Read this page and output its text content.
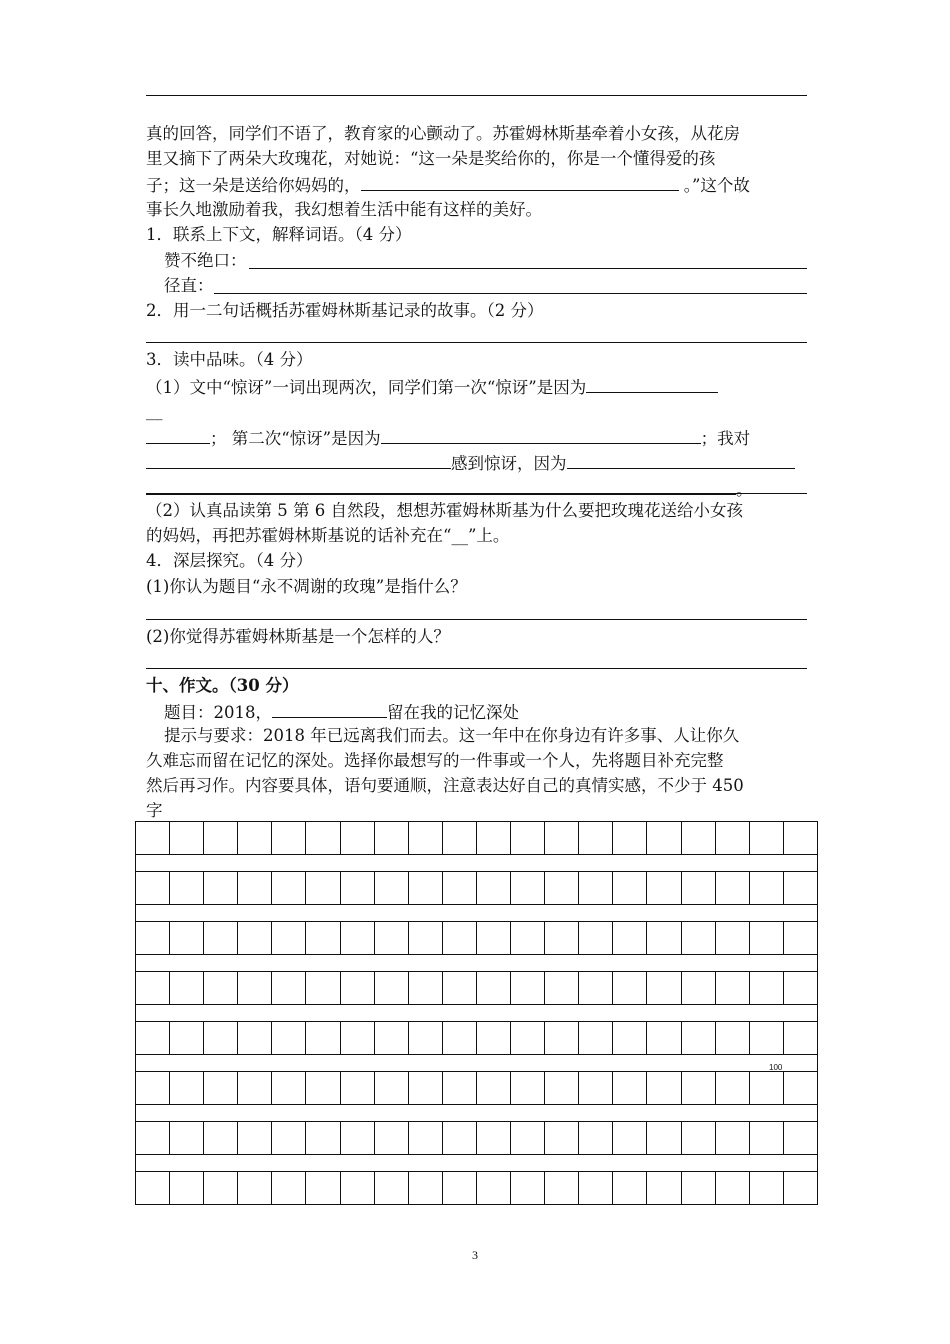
真的回答，同学们不语了，教育家的心颤动了。苏霍姆林斯基牵着小女孩，从花房
里又摘下了两朵大玫瑰花，对她说：“这一朵是奖给你的，你是一个懂得爱的孩
子；这一朵是送给你妈妈的，	。”这个故
事长久地激励着我，我幻想着生活中能有这样的美好。
1．联系上下文，解释词语。（4 分）
赞不绝口：
径直：
2．用一二句话概括苏霍姆林斯基记录的故事。（2 分）
3．读中品味。（4 分）
（1）文中“惊讶”一词出现两次，同学们第一次“惊讶”是因为
__
； 第二次“惊讶”是因为	；我对
感到惊讶，因为
。
（2）认真品读第 5 第 6 自然段，想想苏霍姆林斯基为什么要把玫瑰花送给小女孩
的妈妈，再把苏霍姆林斯基说的话补充在“__”上。
4．深层探究。（4 分）
(1)你认为题目“永不凋谢的玫瑰”是指什么？
(2)你觉得苏霍姆林斯基是一个怎样的人？
十、作文。（30 分）
题目：2018，	留在我的记忆深处
提示与要求：2018 年已远离我们而去。这一年中在你身边有许多事、人让你久
久难忘而留在记忆的深处。选择你最想写的一件事或一个人，先将题目补充完整
然后再习作。内容要具体，语句要通顺，注意表达好自己的真情实感，不少于 450
字
100
3
